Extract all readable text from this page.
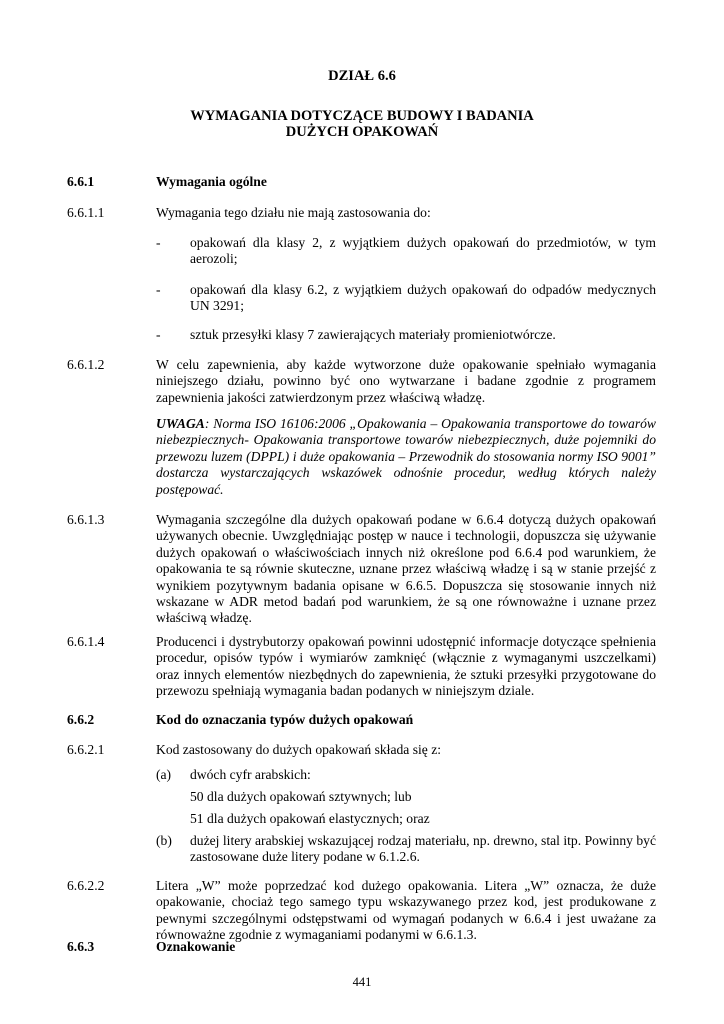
DZIAŁ 6.6
WYMAGANIA DOTYCZĄCE BUDOWY I BADANIA
DUŻYCH OPAKOWAŃ
6.6.1	Wymagania ogólne
6.6.1.1	Wymagania tego działu nie mają zastosowania do:
- opakowań dla klasy 2, z wyjątkiem dużych opakowań do przedmiotów, w tym aerozoli;
- opakowań dla klasy 6.2, z wyjątkiem dużych opakowań do odpadów medycznych UN 3291;
- sztuk przesyłki klasy 7 zawierających materiały promieniotwórcze.
6.6.1.2	W celu zapewnienia, aby każde wytworzone duże opakowanie spełniało wymagania niniejszego działu, powinno być ono wytwarzane i badane zgodnie z programem zapewnienia jakości zatwierdzonym przez właściwą władzę.
UWAGA: Norma ISO 16106:2006 „Opakowania – Opakowania transportowe do towarów niebezpiecznych- Opakowania transportowe towarów niebezpiecznych, duże pojemniki do przewozu luzem (DPPL) i duże opakowania – Przewodnik do stosowania normy ISO 9001” dostarcza wystarczających wskazówek odnośnie procedur, według których należy postępować.
6.6.1.3	Wymagania szczególne dla dużych opakowań podane w 6.6.4 dotyczą dużych opakowań używanych obecnie. Uwzględniając postęp w nauce i technologii, dopuszcza się używanie dużych opakowań o właściwościach innych niż określone pod 6.6.4 pod warunkiem, że opakowania te są równie skuteczne, uznane przez właściwą władzę i są w stanie przejść z wynikiem pozytywnym badania opisane w 6.6.5. Dopuszcza się stosowanie innych niż wskazane w ADR metod badań pod warunkiem, że są one równoważne i uznane przez właściwą władzę.
6.6.1.4	Producenci i dystrybutorzy opakowań powinni udostępnić informacje dotyczące spełnienia procedur, opisów typów i wymiarów zamknięć (włącznie z wymaganymi uszczelkami) oraz innych elementów niezbędnych do zapewnienia, że sztuki przesyłki przygotowane do przewozu spełniają wymagania badan podanych w niniejszym dziale.
6.6.2	Kod do oznaczania typów dużych opakowań
6.6.2.1	Kod zastosowany do dużych opakowań składa się z:
(a) dwóch cyfr arabskich:
50 dla dużych opakowań sztywnych; lub
51 dla dużych opakowań elastycznych; oraz
(b) dużej litery arabskiej wskazującej rodzaj materiału, np. drewno, stal itp. Powinny być zastosowane duże litery podane w 6.1.2.6.
6.6.2.2	Litera „W” może poprzedzać kod dużego opakowania. Litera „W” oznacza, że duże opakowanie, chociaż tego samego typu wskazywanego przez kod, jest produkowane z pewnymi szczególnymi odstępstwami od wymagań podanych w 6.6.4 i jest uważane za równoważne zgodnie z wymaganiami podanymi w 6.6.1.3.
6.6.3	Oznakowanie
441
